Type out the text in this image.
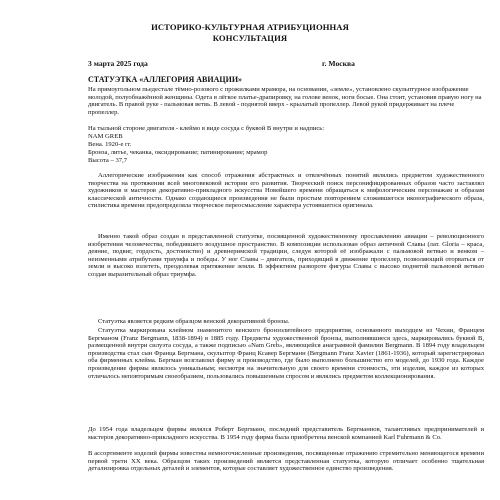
ИСТОРИКО-КУЛЬТУРНАЯ АТРИБУЦИОННАЯ
КОНСУЛЬТАЦИЯ
3 марта 2025 года	г. Москва
СТАТУЭТКА «АЛЛЕГОРИЯ АВИАЦИИ»

На прямоугольном пьедестале тёмно-розового с прожилками мрамора, на основании, «земле», установлено скульптурное изображение молодой, полуобнажённой женщины. Одета в лёгкое платье-драпировку, на голове венок, ноги босые. Она стоит, установив правую ногу на двигатель. В правой руке - пальмовая ветвь. В левой - поднятой вверх - крылатый пропеллер. Левой рукой придерживает на плече пропеллер.

На тыльной стороне двигателя - клеймо в виде сосуда с буквой В внутри и надпись:

NAM GREB
Вена. 1920-е гг.
Бронза, литье, чеканка, оксидирование; патинирование; мрамор
Высота – 37,7

Аллегорические изображения как способ отражения абстрактных и отвлечённых понятий являлись предметом художественного творчества на протяжении всей многовековой истории его развития. Творческий поиск персонифицированных образов часто заставлял художников и мастеров декоративно-прикладного искусства Новейшего времени обращаться к мифологическим персонажам и образам классической античности. Однако создающиеся произведения не были простым повторением сложившегося иконографического образа, стилистика времени предопределяла творческое переосмысление характера устоявшегося оригинала.

Именно такой образ создан в представленной статуэтке, посвященной художественному прославлению авиации – революционного изобретения человечества, победившего воздушное пространство. В композиции использован образ античной Славы (лат. Gloria – краса, деяние, подвиг, гордость, достоинство) и древнеримской традиции, следуя которой её изображали с пальмовой ветвью и венком – неизменными атрибутами триумфа и победы. У ног Славы – двигатель, приходящий в движение пропеллер, позволяющий оторваться от земли и высоко взлететь, преодолевая притяжение земли. В эффектном развороте фигуры Славы с высоко поднятой пальмовой ветвью создан выразительный образ триумфа.

Статуэтка является редким образцом венской декоративной бронзы.

Статуэтка маркирована клеймом знаменитого венского бронзолитейного предприятия, основанного выходцем из Чехии, Францем Бергманом (Franz Bergmann, 1838-1894) в 1885 году. Предметы художественной бронзы, выполнявшиеся здесь, маркировались буквой В, размещенной внутри силуэта сосуда, а также подписью «Nam Greb», являющейся анаграммой фамилии Bergmann. В 1894 году владельцем производства стал сын Франца Бергмана, скульптор Франц Ксавер Бергманн (Bergmann Franz Xavier (1861-1936), который зарегистрировал оба фирменных клейма. Бергман возглавлял фирму и производство, где было выполнено большинство его моделей, до 1930 года. Каждое произведение фирмы являлось уникальным; несмотря на значительную для своего времени стоимость, эти изделия, каждое из которых отличалось неповторимым своеобразием, пользовались повышенным спросом и являлись предметом коллекционирования.

До 1954 года владельцем фирмы являлся Роберт Бергманн, последний представитель Бергманнов, талантливых предпринимателей и мастеров декоративно-прикладного искусства. В 1954 году фирма была приобретена венской компанией Karl Fuhrmann & Co.

В ассортименте изделий фирмы известны немногочисленные произведения, посвященные отражению стремительно меняющегося времени первой трети XX века. Образцом таких произведений является представленная статуэтка, которую отличает особенно тщательная детализировка отдельных деталей и элементов, которые составляет художественное единство произведения.
